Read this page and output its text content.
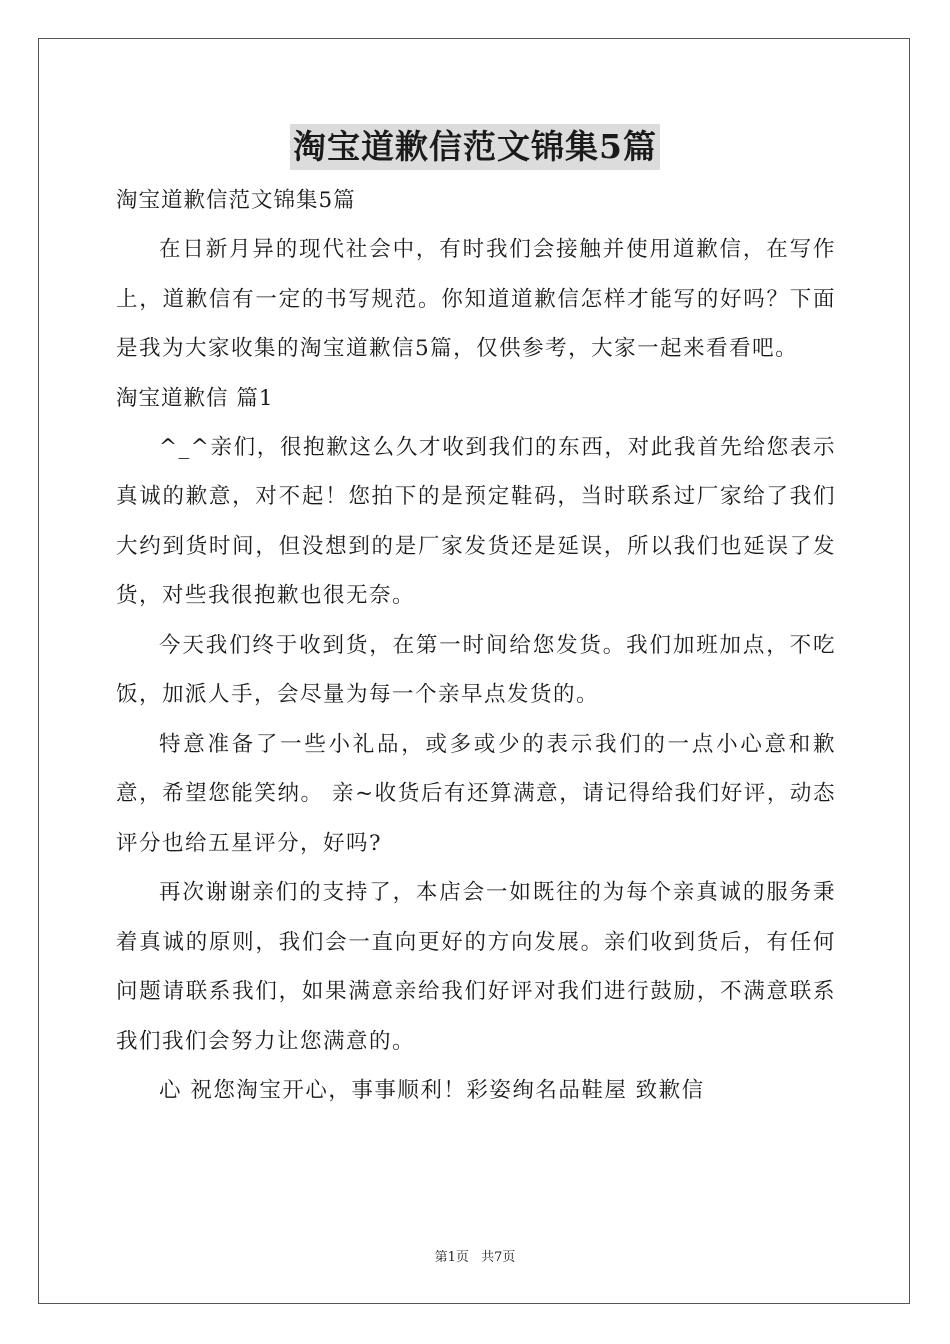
淘宝道歉信范文锦集5篇

淘宝道歉信范文锦集5篇

在日新月异的现代社会中，有时我们会接触并使用道歉信，在写作上，道歉信有一定的书写规范。你知道道歉信怎样才能写的好吗？下面是我为大家收集的淘宝道歉信5篇，仅供参考，大家一起来看看吧。

淘宝道歉信 篇1

^_^亲们，很抱歉这么久才收到我们的东西，对此我首先给您表示真诚的歉意，对不起！您拍下的是预定鞋码，当时联系过厂家给了我们大约到货时间，但没想到的是厂家发货还是延误，所以我们也延误了发货，对些我很抱歉也很无奈。

今天我们终于收到货，在第一时间给您发货。我们加班加点，不吃饭，加派人手，会尽量为每一个亲早点发货的。

特意准备了一些小礼品，或多或少的表示我们的一点小心意和歉意，希望您能笑纳。 亲~收货后有还算满意，请记得给我们好评，动态评分也给五星评分，好吗?

再次谢谢亲们的支持了，本店会一如既往的为每个亲真诚的服务秉着真诚的原则，我们会一直向更好的方向发展。亲们收到货后，有任何问题请联系我们，如果满意亲给我们好评对我们进行鼓励，不满意联系我们我们会努力让您满意的。

心 祝您淘宝开心，事事顺利！彩姿绚名品鞋屋 致歉信

第1页 共7页
